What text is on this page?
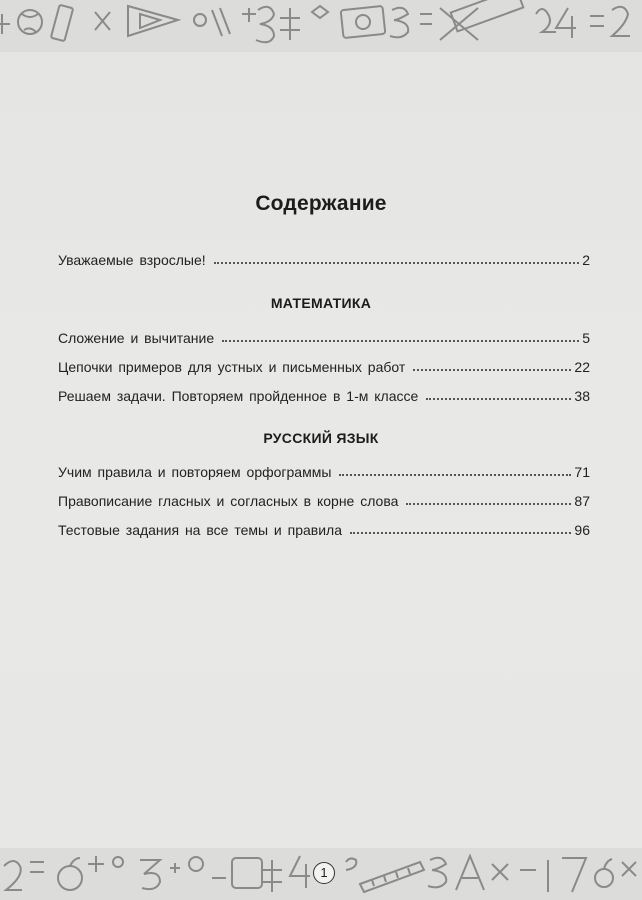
Содержание
Уважаемые взрослые!	2
МАТЕМАТИКА
Сложение и вычитание	5
Цепочки примеров для устных и письменных работ	22
Решаем задачи. Повторяем пройденное в 1-м классе	38
РУССКИЙ ЯЗЫК
Учим правила и повторяем орфограммы	71
Правописание гласных и согласных в корне слова	87
Тестовые задания на все темы и правила	96
1
